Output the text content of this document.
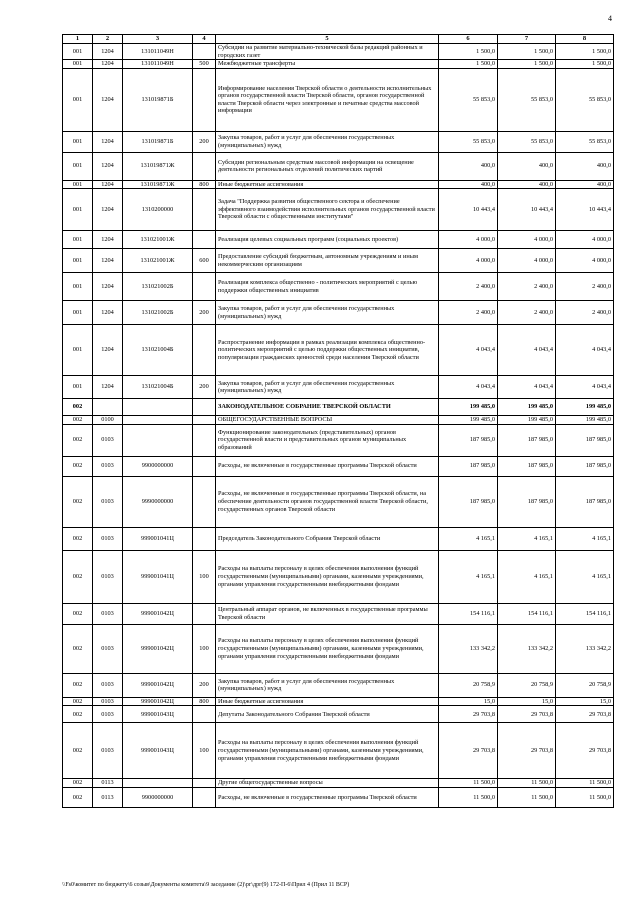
4
1	2	3	4	5	6	7	8
001	1204	131011049Н		Субсидии на развитие материально-технической базы редакций районных и городских газет	1 500,0	1 500,0	1 500,0
001	1204	131011049Н	500	Межбюджетные трансферты	1 500,0	1 500,0	1 500,0
001	1204	131019871Б		Информирование населения Тверской области о деятельности исполнительных органов государственной власти Тверской области, органов государственной власти Тверской области через электронные и печатные средства массовой информации	55 853,0	55 853,0	55 853,0
001	1204	131019871Б	200	Закупка товаров, работ и услуг для обеспечения государственных (муниципальных) нужд	55 853,0	55 853,0	55 853,0
001	1204	131019871Ж		Субсидии региональным средствам массовой информации на освещение деятельности региональных отделений политических партий	400,0	400,0	400,0
001	1204	131019871Ж	800	Иные бюджетные ассигнования	400,0	400,0	400,0
001	1204	1310200000		Задача "Поддержка развития общественного сектора и обеспечение эффективного взаимодействия исполнительных органов государственной власти Тверской области с общественными институтами"	10 443,4	10 443,4	10 443,4
001	1204	131021001Ж		Реализация целевых социальных программ (социальных проектов)	4 000,0	4 000,0	4 000,0
001	1204	131021001Ж	600	Предоставление субсидий бюджетным, автономным учреждениям и иным некоммерческим организациям	4 000,0	4 000,0	4 000,0
001	1204	131021002Б		Реализация комплекса общественно - политических мероприятий с целью поддержки общественных инициатив	2 400,0	2 400,0	2 400,0
001	1204	131021002Б	200	Закупка товаров, работ и услуг для обеспечения государственных (муниципальных) нужд	2 400,0	2 400,0	2 400,0
001	1204	131021004Б		Распространение информации в рамках реализации комплекса общественно-политических мероприятий с целью поддержки общественных инициатив, популяризации гражданских ценностей среди населения Тверской области	4 043,4	4 043,4	4 043,4
001	1204	131021004Б	200	Закупка товаров, работ и услуг для обеспечения государственных (муниципальных) нужд	4 043,4	4 043,4	4 043,4
002				ЗАКОНОДАТЕЛЬНОЕ СОБРАНИЕ ТВЕРСКОЙ ОБЛАСТИ	199 485,0	199 485,0	199 485,0
002	0100			ОБЩЕГОСУДАРСТВЕННЫЕ ВОПРОСЫ	199 485,0	199 485,0	199 485,0
002	0103			Функционирование законодательных (представительных) органов государственной власти и представительных органов муниципальных образований	187 985,0	187 985,0	187 985,0
002	0103	9900000000		Расходы, не включенные в государственные программы Тверской области	187 985,0	187 985,0	187 985,0
002	0103	9990000000		Расходы, не включенные в государственные программы Тверской области, на обеспечение деятельности органов государственной власти Тверской области, государственных органов Тверской области	187 985,0	187 985,0	187 985,0
002	0103	999001041Ц		Председатель Законодательного Собрания Тверской области	4 165,1	4 165,1	4 165,1
002	0103	999001041Ц	100	Расходы на выплаты персоналу в целях обеспечения выполнения функций государственными (муниципальными) органами, казенными учреждениями, органами управления государственными внебюджетными фондами	4 165,1	4 165,1	4 165,1
002	0103	999001042Ц		Центральный аппарат органов, не включенных в государственные программы Тверской области	154 116,1	154 116,1	154 116,1
002	0103	999001042Ц	100	Расходы на выплаты персоналу в целях обеспечения выполнения функций государственными (муниципальными) органами, казенными учреждениями, органами управления государственными внебюджетными фондами	133 342,2	133 342,2	133 342,2
002	0103	999001042Ц	200	Закупка товаров, работ и услуг для обеспечения государственных (муниципальных) нужд	20 758,9	20 758,9	20 758,9
002	0103	999001042Ц	800	Иные бюджетные ассигнования	15,0	15,0	15,0
002	0103	999001043Ц		Депутаты Законодательного Собрания Тверской области	29 703,8	29 703,8	29 703,8
002	0103	999001043Ц	100	Расходы на выплаты персоналу в целях обеспечения выполнения функций государственными (муниципальными) органами, казенными учреждениями, органами управления государственными внебюджетными фондами	29 703,8	29 703,8	29 703,8
002	0113			Другие общегосударственные вопросы	11 500,0	11 500,0	11 500,0
002	0113	9900000000		Расходы, не включенные в государственные программы Тверской области	11 500,0	11 500,0	11 500,0
\\Fs0\комитет по бюджету\6 созыв\Документы комитета\9 заседание (2)\рг\дрг(9) 172-П-6\Прил 4 (Прил 11 ВСР)
